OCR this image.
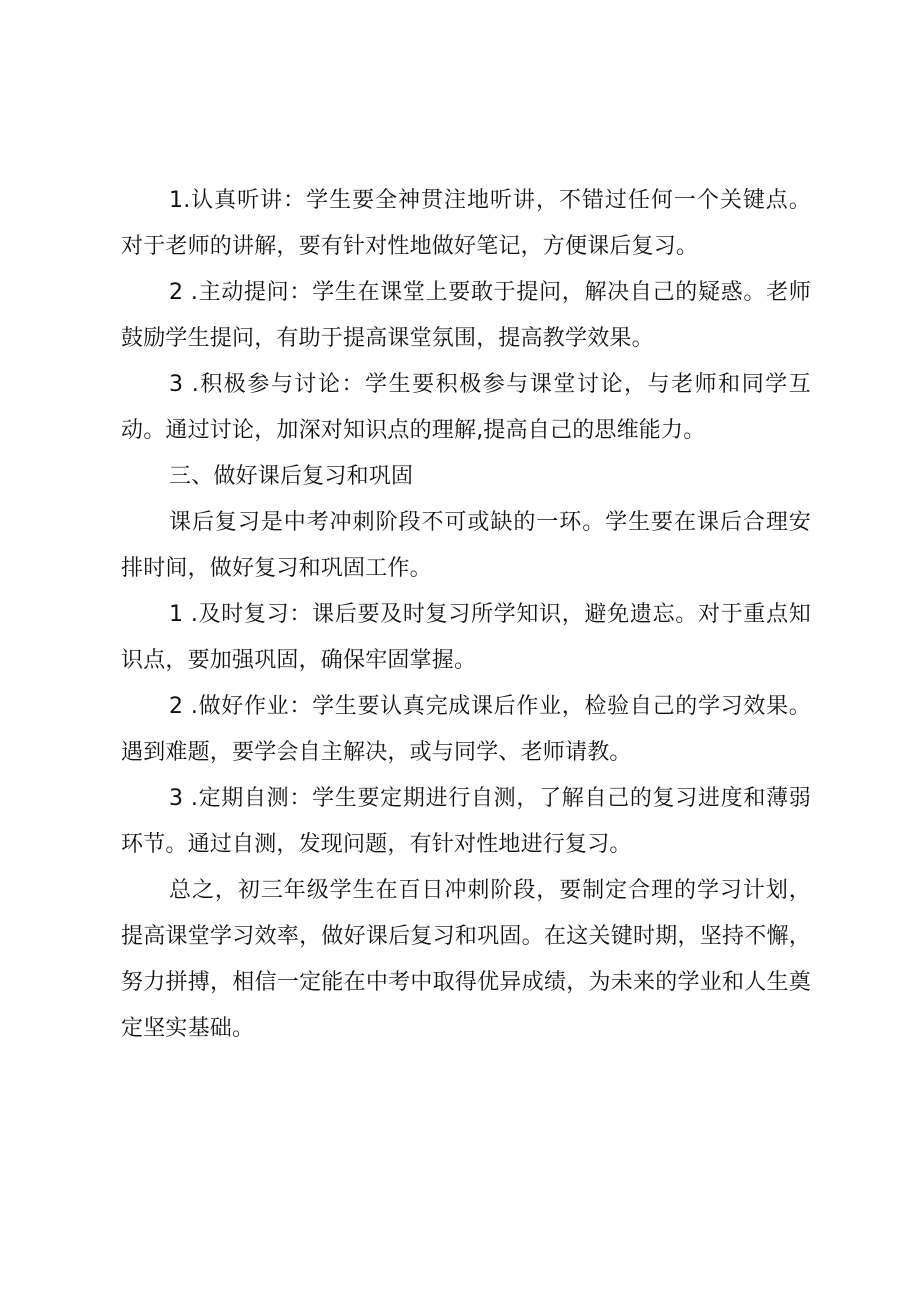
1.认真听讲：学生要全神贯注地听讲，不错过任何一个关键点。对于老师的讲解，要有针对性地做好笔记，方便课后复习。

2 .主动提问：学生在课堂上要敢于提问，解决自己的疑惑。老师鼓励学生提问，有助于提高课堂氛围，提高教学效果。

3 .积极参与讨论：学生要积极参与课堂讨论，与老师和同学互动。通过讨论，加深对知识点的理解,提高自己的思维能力。

三、做好课后复习和巩固

课后复习是中考冲刺阶段不可或缺的一环。学生要在课后合理安排时间，做好复习和巩固工作。

1 .及时复习：课后要及时复习所学知识，避免遗忘。对于重点知识点，要加强巩固，确保牢固掌握。

2 .做好作业：学生要认真完成课后作业，检验自己的学习效果。遇到难题，要学会自主解决，或与同学、老师请教。

3 .定期自测：学生要定期进行自测，了解自己的复习进度和薄弱环节。通过自测，发现问题，有针对性地进行复习。

总之，初三年级学生在百日冲刺阶段，要制定合理的学习计划，提高课堂学习效率，做好课后复习和巩固。在这关键时期，坚持不懈，努力拼搏，相信一定能在中考中取得优异成绩，为未来的学业和人生奠定坚实基础。
